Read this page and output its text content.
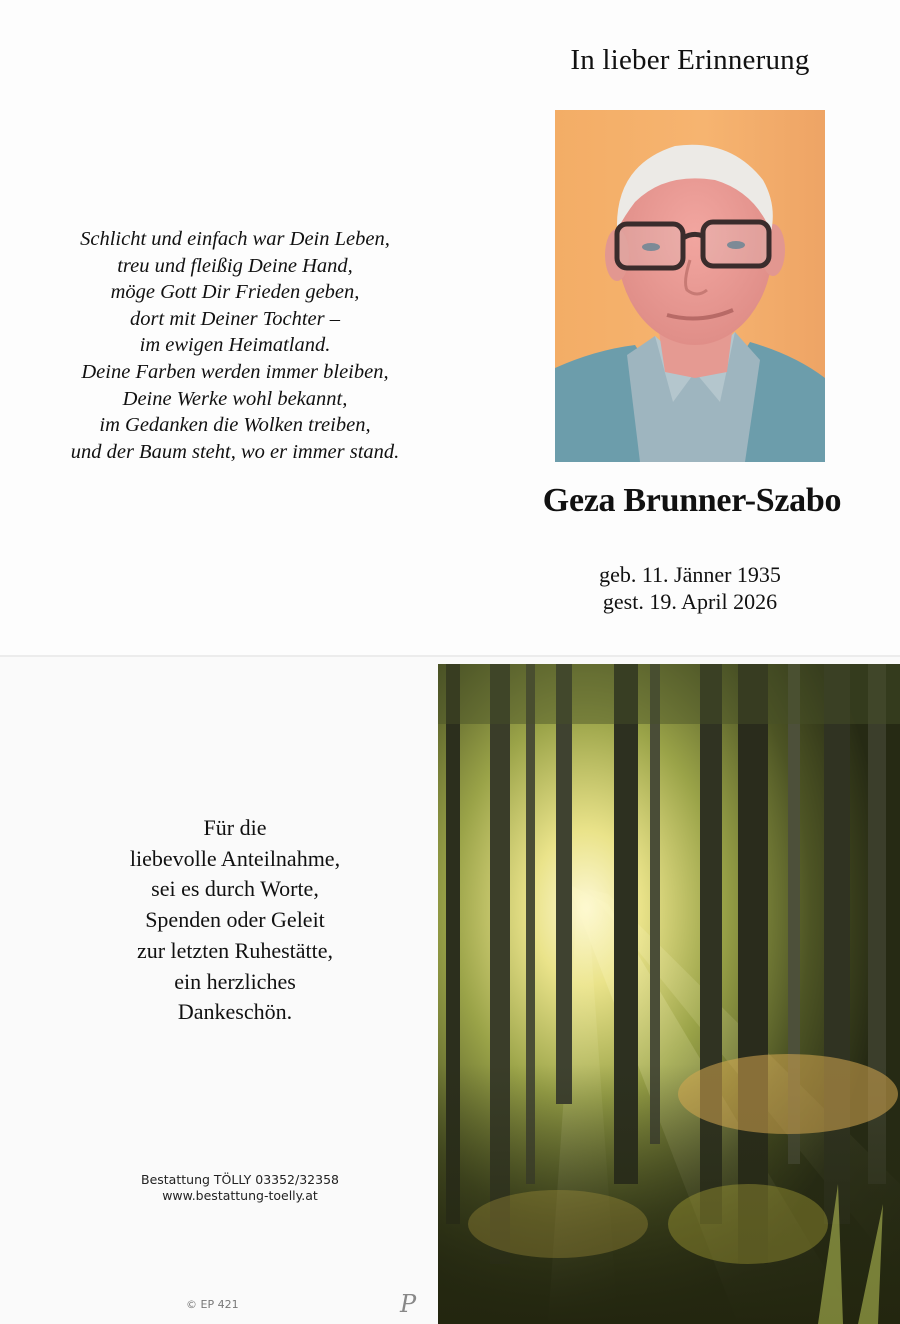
In lieber Erinnerung
Schlicht und einfach war Dein Leben,
treu und fleißig Deine Hand,
möge Gott Dir Frieden geben,
dort mit Deiner Tochter –
im ewigen Heimatland.
Deine Farben werden immer bleiben,
Deine Werke wohl bekannt,
im Gedanken die Wolken treiben,
und der Baum steht, wo er immer stand.
Geza Brunner-Szabo
geb. 11. Jänner 1935
gest. 19. April 2026
Für die
liebevolle Anteilnahme,
sei es durch Worte,
Spenden oder Geleit
zur letzten Ruhestätte,
ein herzliches
Dankeschön.
Bestattung TÖLLY 03352/32358
www.bestattung-toelly.at
© EP 421	P
